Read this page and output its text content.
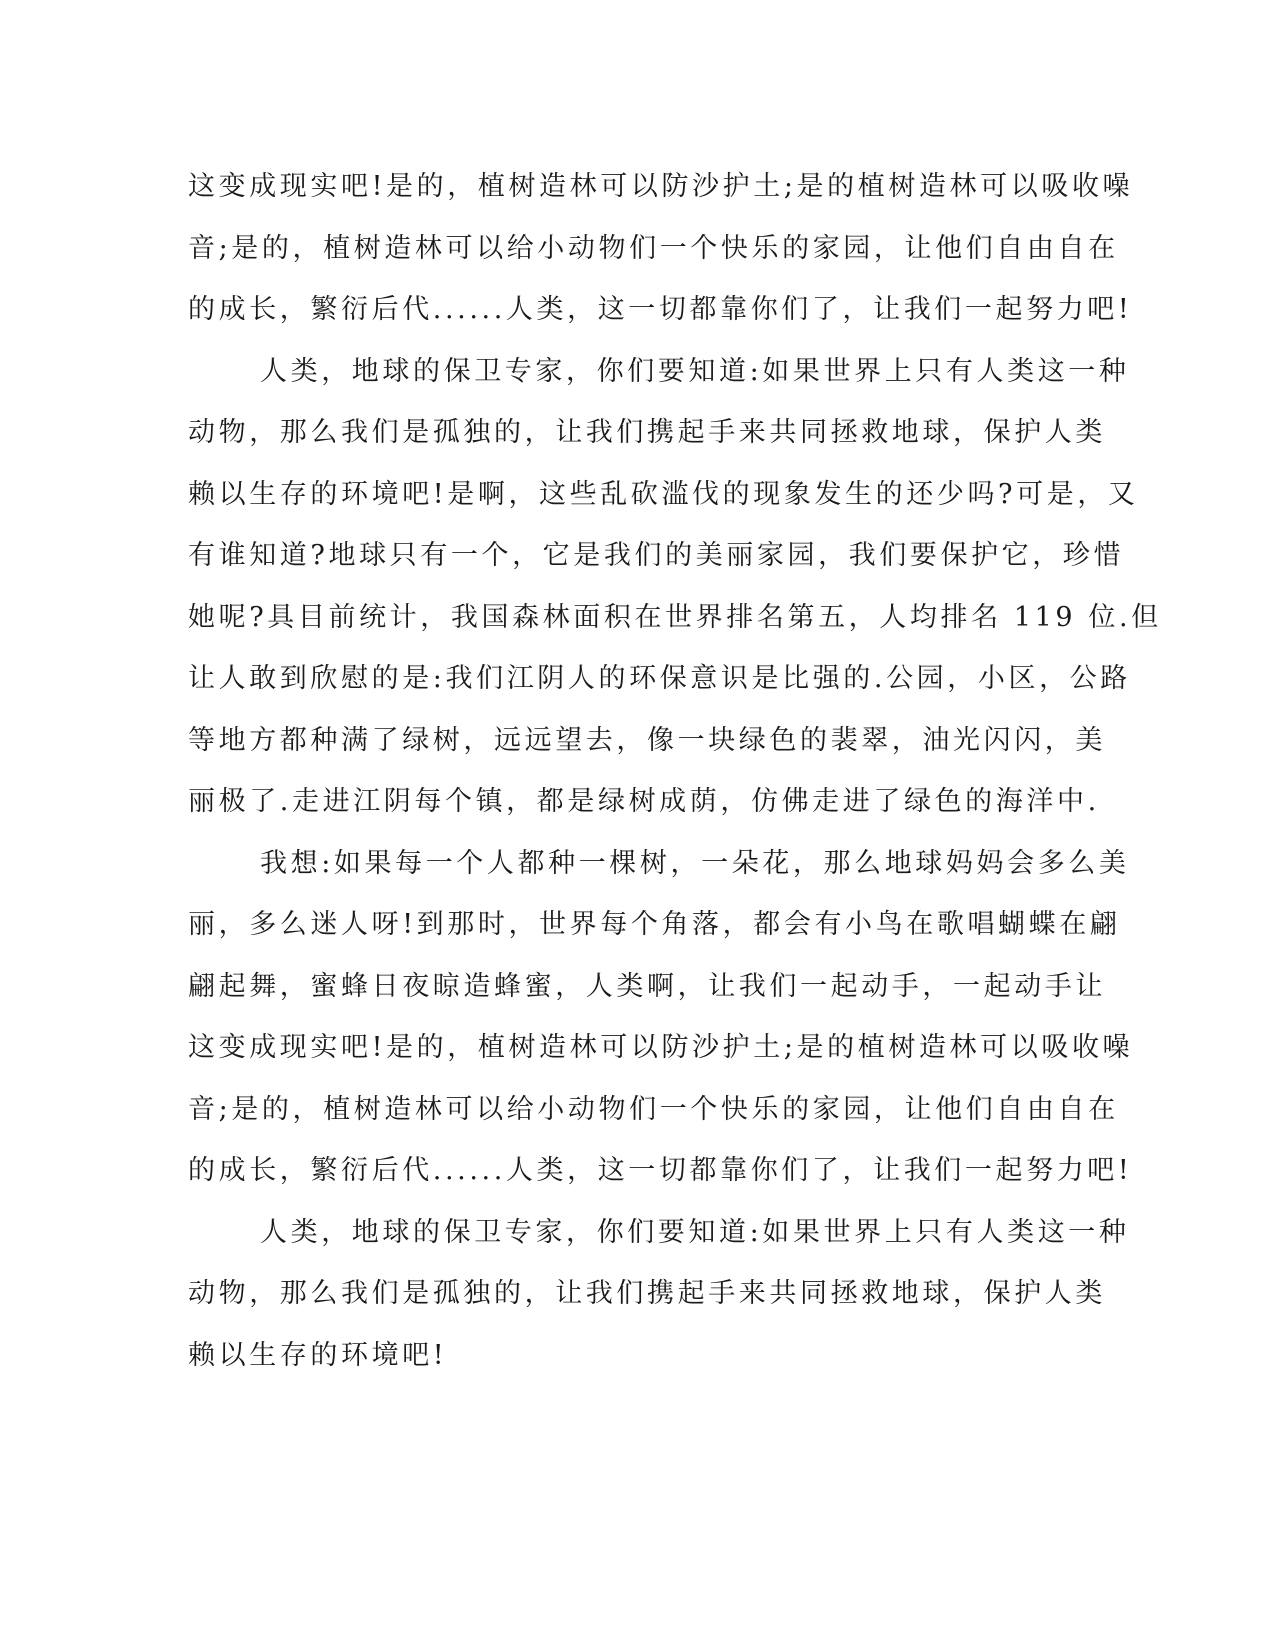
这变成现实吧!是的，植树造林可以防沙护土;是的植树造林可以吸收噪
音;是的，植树造林可以给小动物们一个快乐的家园，让他们自由自在
的成长，繁衍后代......人类，这一切都靠你们了，让我们一起努力吧!
人类，地球的保卫专家，你们要知道:如果世界上只有人类这一种
动物，那么我们是孤独的，让我们携起手来共同拯救地球，保护人类
赖以生存的环境吧!是啊，这些乱砍滥伐的现象发生的还少吗?可是，又
有谁知道?地球只有一个，它是我们的美丽家园，我们要保护它，珍惜
她呢?具目前统计，我国森林面积在世界排名第五，人均排名 119 位.但
让人敢到欣慰的是:我们江阴人的环保意识是比强的.公园，小区，公路
等地方都种满了绿树，远远望去，像一块绿色的裴翠，油光闪闪，美
丽极了.走进江阴每个镇，都是绿树成荫，仿佛走进了绿色的海洋中.
我想:如果每一个人都种一棵树，一朵花，那么地球妈妈会多么美
丽，多么迷人呀!到那时，世界每个角落，都会有小鸟在歌唱蝴蝶在翩
翩起舞，蜜蜂日夜晾造蜂蜜，人类啊，让我们一起动手，一起动手让
这变成现实吧!是的，植树造林可以防沙护土;是的植树造林可以吸收噪
音;是的，植树造林可以给小动物们一个快乐的家园，让他们自由自在
的成长，繁衍后代......人类，这一切都靠你们了，让我们一起努力吧!
人类，地球的保卫专家，你们要知道:如果世界上只有人类这一种
动物，那么我们是孤独的，让我们携起手来共同拯救地球，保护人类
赖以生存的环境吧!
